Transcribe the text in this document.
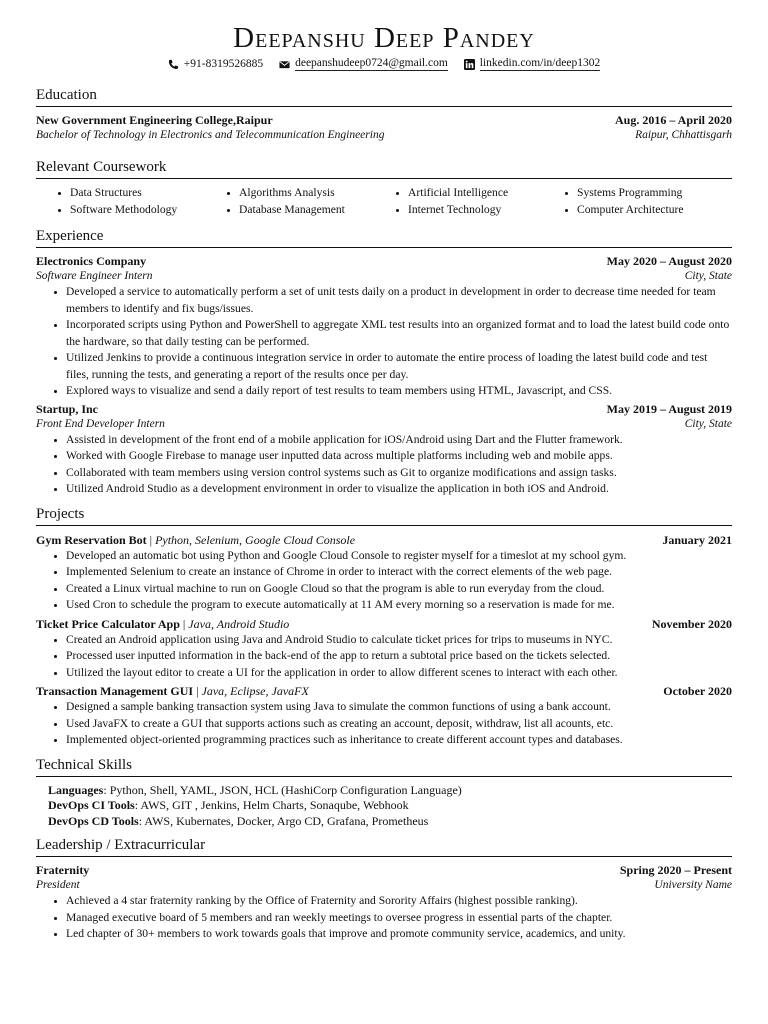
Deepanshu Deep Pandey
+91-8319526885	deepanshudeep0724@gmail.com	linkedin.com/in/deep1302
Education
New Government Engineering College,Raipur	Aug. 2016 – April 2020
Bachelor of Technology in Electronics and Telecommunication Engineering	Raipur, Chhattisgarh
Relevant Coursework
• Data Structures
• Software Methodology
• Algorithms Analysis
• Database Management
• Artificial Intelligence
• Internet Technology
• Systems Programming
• Computer Architecture
Experience
Electronics Company	May 2020 – August 2020
Software Engineer Intern	City, State
• Developed a service to automatically perform a set of unit tests daily on a product in development in order to decrease time needed for team members to identify and fix bugs/issues.
• Incorporated scripts using Python and PowerShell to aggregate XML test results into an organized format and to load the latest build code onto the hardware, so that daily testing can be performed.
• Utilized Jenkins to provide a continuous integration service in order to automate the entire process of loading the latest build code and test files, running the tests, and generating a report of the results once per day.
• Explored ways to visualize and send a daily report of test results to team members using HTML, Javascript, and CSS.
Startup, Inc	May 2019 – August 2019
Front End Developer Intern	City, State
• Assisted in development of the front end of a mobile application for iOS/Android using Dart and the Flutter framework.
• Worked with Google Firebase to manage user inputted data across multiple platforms including web and mobile apps.
• Collaborated with team members using version control systems such as Git to organize modifications and assign tasks.
• Utilized Android Studio as a development environment in order to visualize the application in both iOS and Android.
Projects
Gym Reservation Bot | Python, Selenium, Google Cloud Console	January 2021
• Developed an automatic bot using Python and Google Cloud Console to register myself for a timeslot at my school gym.
• Implemented Selenium to create an instance of Chrome in order to interact with the correct elements of the web page.
• Created a Linux virtual machine to run on Google Cloud so that the program is able to run everyday from the cloud.
• Used Cron to schedule the program to execute automatically at 11 AM every morning so a reservation is made for me.
Ticket Price Calculator App | Java, Android Studio	November 2020
• Created an Android application using Java and Android Studio to calculate ticket prices for trips to museums in NYC.
• Processed user inputted information in the back-end of the app to return a subtotal price based on the tickets selected.
• Utilized the layout editor to create a UI for the application in order to allow different scenes to interact with each other.
Transaction Management GUI | Java, Eclipse, JavaFX	October 2020
• Designed a sample banking transaction system using Java to simulate the common functions of using a bank account.
• Used JavaFX to create a GUI that supports actions such as creating an account, deposit, withdraw, list all acounts, etc.
• Implemented object-oriented programming practices such as inheritance to create different account types and databases.
Technical Skills
Languages: Python, Shell, YAML, JSON, HCL (HashiCorp Configuration Language)
DevOps CI Tools: AWS, GIT , Jenkins, Helm Charts, Sonaqube, Webhook
DevOps CD Tools: AWS, Kubernates, Docker, Argo CD, Grafana, Prometheus
Leadership / Extracurricular
Fraternity	Spring 2020 – Present
President	University Name
• Achieved a 4 star fraternity ranking by the Office of Fraternity and Sorority Affairs (highest possible ranking).
• Managed executive board of 5 members and ran weekly meetings to oversee progress in essential parts of the chapter.
• Led chapter of 30+ members to work towards goals that improve and promote community service, academics, and unity.
